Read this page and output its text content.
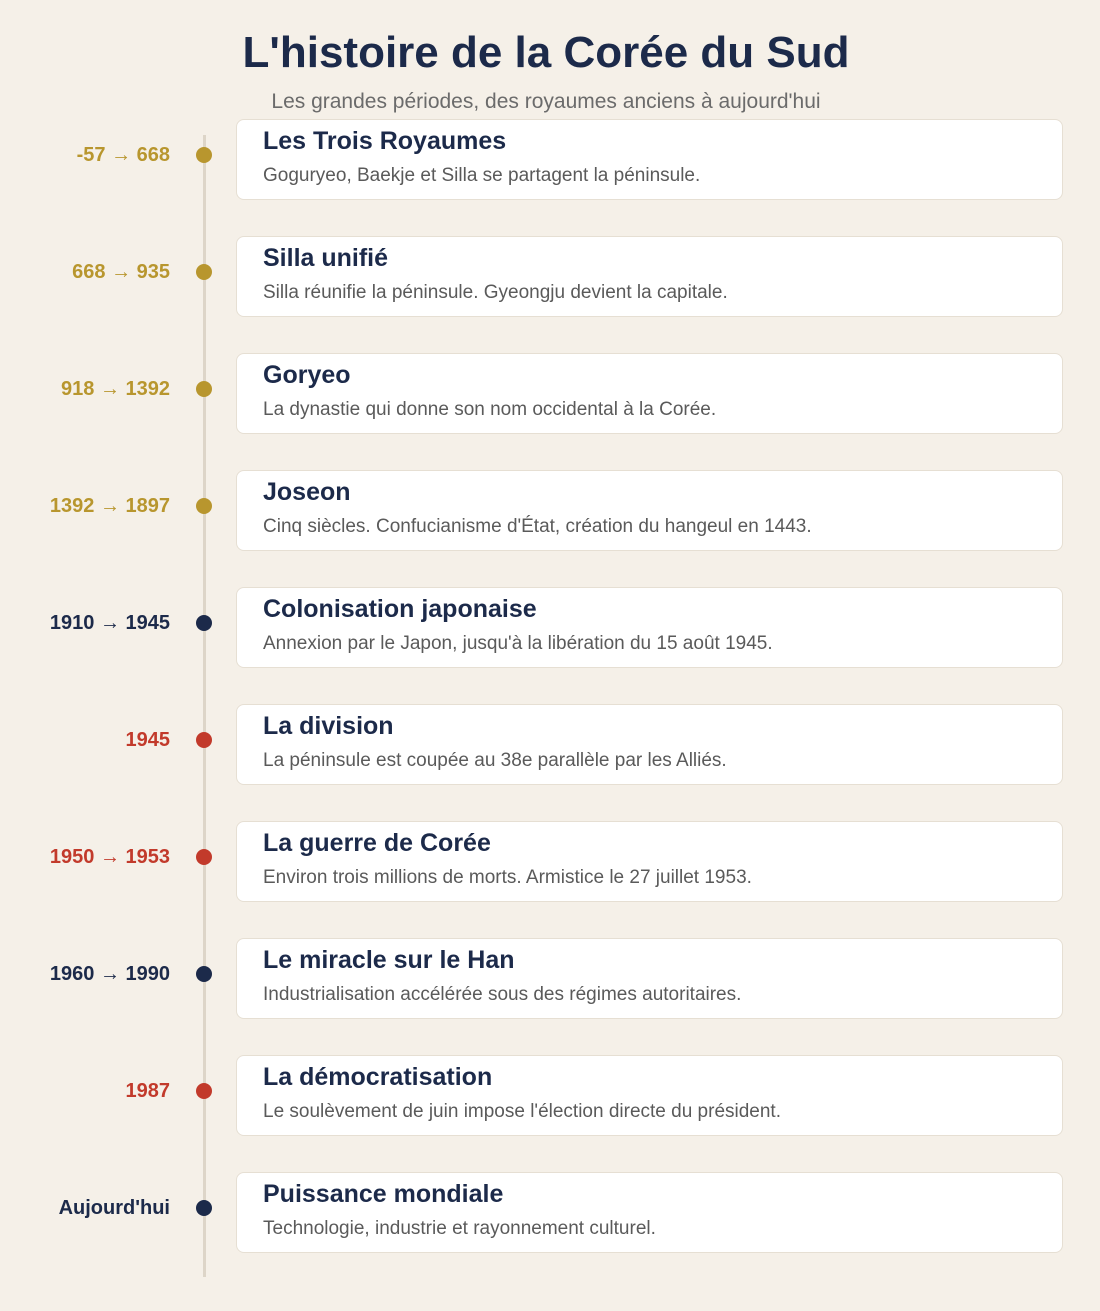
L'histoire de la Corée du Sud
Les grandes périodes, des royaumes anciens à aujourd'hui
-57 → 668	Les Trois Royaumes
Goguryeo, Baekje et Silla se partagent la péninsule.
668 → 935	Silla unifié
Silla réunifie la péninsule. Gyeongju devient la capitale.
918 → 1392	Goryeo
La dynastie qui donne son nom occidental à la Corée.
1392 → 1897	Joseon
Cinq siècles. Confucianisme d'État, création du hangeul en 1443.
1910 → 1945	Colonisation japonaise
Annexion par le Japon, jusqu'à la libération du 15 août 1945.
1945	La division
La péninsule est coupée au 38e parallèle par les Alliés.
1950 → 1953	La guerre de Corée
Environ trois millions de morts. Armistice le 27 juillet 1953.
1960 → 1990	Le miracle sur le Han
Industrialisation accélérée sous des régimes autoritaires.
1987	La démocratisation
Le soulèvement de juin impose l'élection directe du président.
Aujourd'hui	Puissance mondiale
Technologie, industrie et rayonnement culturel.
